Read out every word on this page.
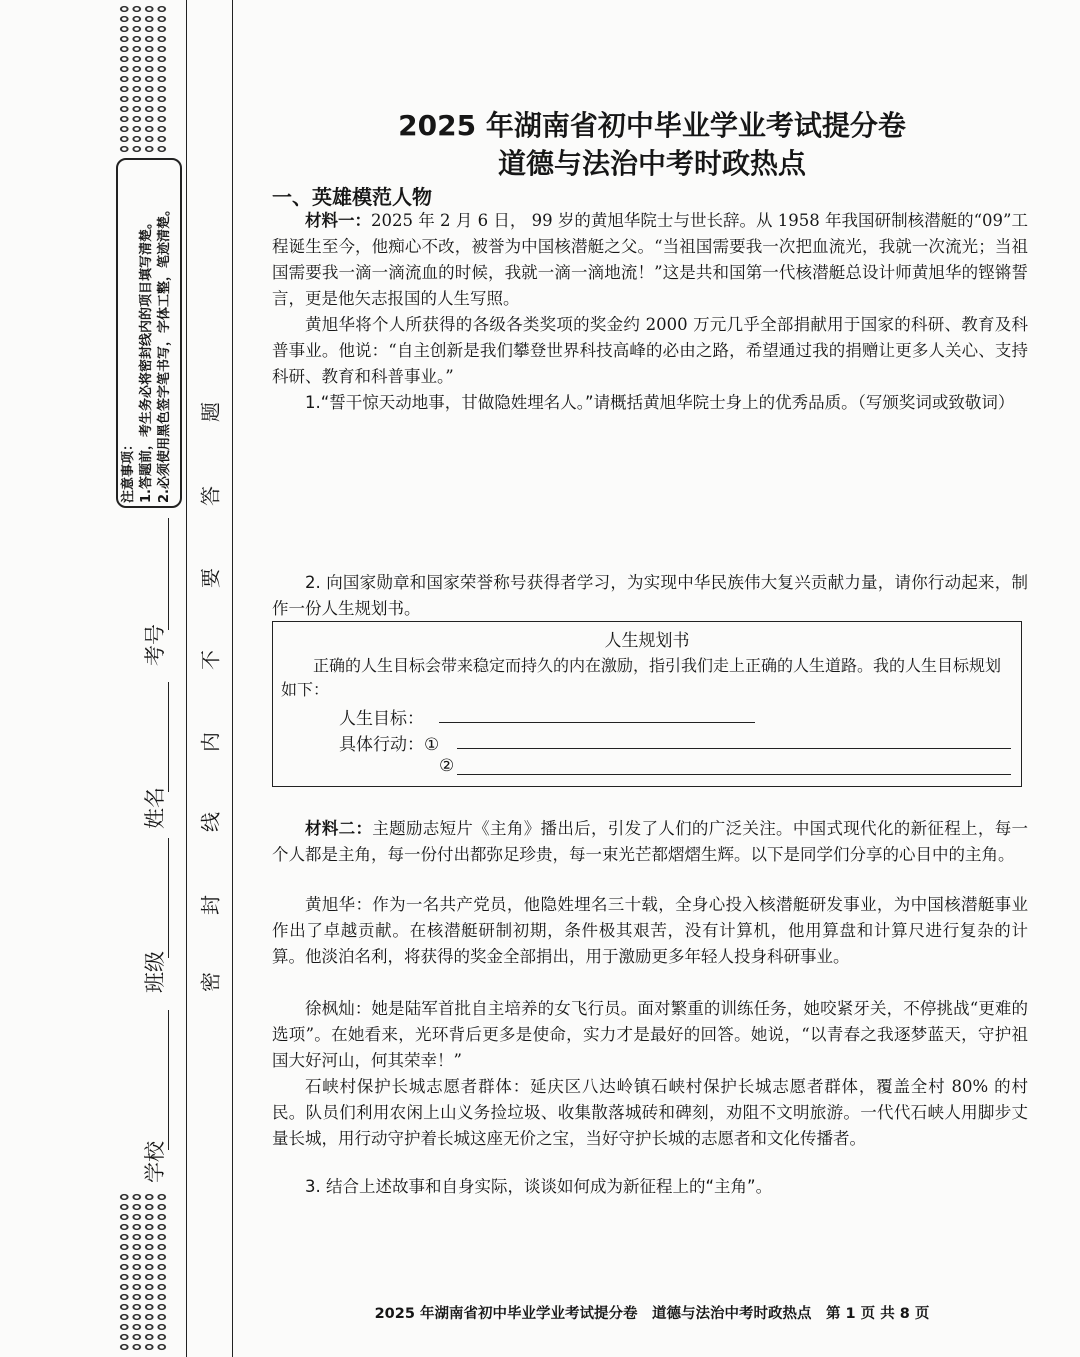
注意事项： 1.答题前，考生务必将密封线内的项目填写清楚。 2.必须使用黑色签字笔书写，字体工整，笔迹清楚。
学校
班级
姓名
考号
密
封
线
内
不
要
答
题
2025 年湖南省初中毕业学业考试提分卷
道德与法治中考时政热点
一、英雄模范人物
材料一：2025 年 2 月 6 日， 99 岁的黄旭华院士与世长辞。从 1958 年我国研制核潜艇的“09”工程诞生至今，他痴心不改，被誉为中国核潜艇之父。“当祖国需要我一次把血流光，我就一次流光；当祖国需要我一滴一滴流血的时候，我就一滴一滴地流！”这是共和国第一代核潜艇总设计师黄旭华的铿锵誓言，更是他矢志报国的人生写照。
黄旭华将个人所获得的各级各类奖项的奖金约 2000 万元几乎全部捐献用于国家的科研、教育及科普事业。他说：“自主创新是我们攀登世界科技高峰的必由之路，希望通过我的捐赠让更多人关心、支持科研、教育和科普事业。”
1.“誓干惊天动地事，甘做隐姓埋名人。”请概括黄旭华院士身上的优秀品质。（写颁奖词或致敬词）
2. 向国家勋章和国家荣誉称号获得者学习，为实现中华民族伟大复兴贡献力量，请你行动起来，制作一份人生规划书。
人生规划书
正确的人生目标会带来稳定而持久的内在激励，指引我们走上正确的人生道路。我的人生目标规划如下：
人生目标：
具体行动：①
②
材料二：主题励志短片《主角》播出后，引发了人们的广泛关注。中国式现代化的新征程上，每一个人都是主角，每一份付出都弥足珍贵，每一束光芒都熠熠生辉。以下是同学们分享的心目中的主角。
黄旭华：作为一名共产党员，他隐姓埋名三十载，全身心投入核潜艇研发事业，为中国核潜艇事业作出了卓越贡献。在核潜艇研制初期，条件极其艰苦，没有计算机，他用算盘和计算尺进行复杂的计算。他淡泊名利，将获得的奖金全部捐出，用于激励更多年轻人投身科研事业。
徐枫灿：她是陆军首批自主培养的女飞行员。面对繁重的训练任务，她咬紧牙关，不停挑战“更难的选项”。在她看来，光环背后更多是使命，实力才是最好的回答。她说，“以青春之我逐梦蓝天，守护祖国大好河山，何其荣幸！”
石峡村保护长城志愿者群体：延庆区八达岭镇石峡村保护长城志愿者群体，覆盖全村 80% 的村民。队员们利用农闲上山义务捡垃圾、收集散落城砖和碑刻，劝阻不文明旅游。一代代石峡人用脚步丈量长城，用行动守护着长城这座无价之宝，当好守护长城的志愿者和文化传播者。
3. 结合上述故事和自身实际，谈谈如何成为新征程上的“主角”。
2025 年湖南省初中毕业学业考试提分卷　道德与法治中考时政热点　第 1 页 共 8 页
